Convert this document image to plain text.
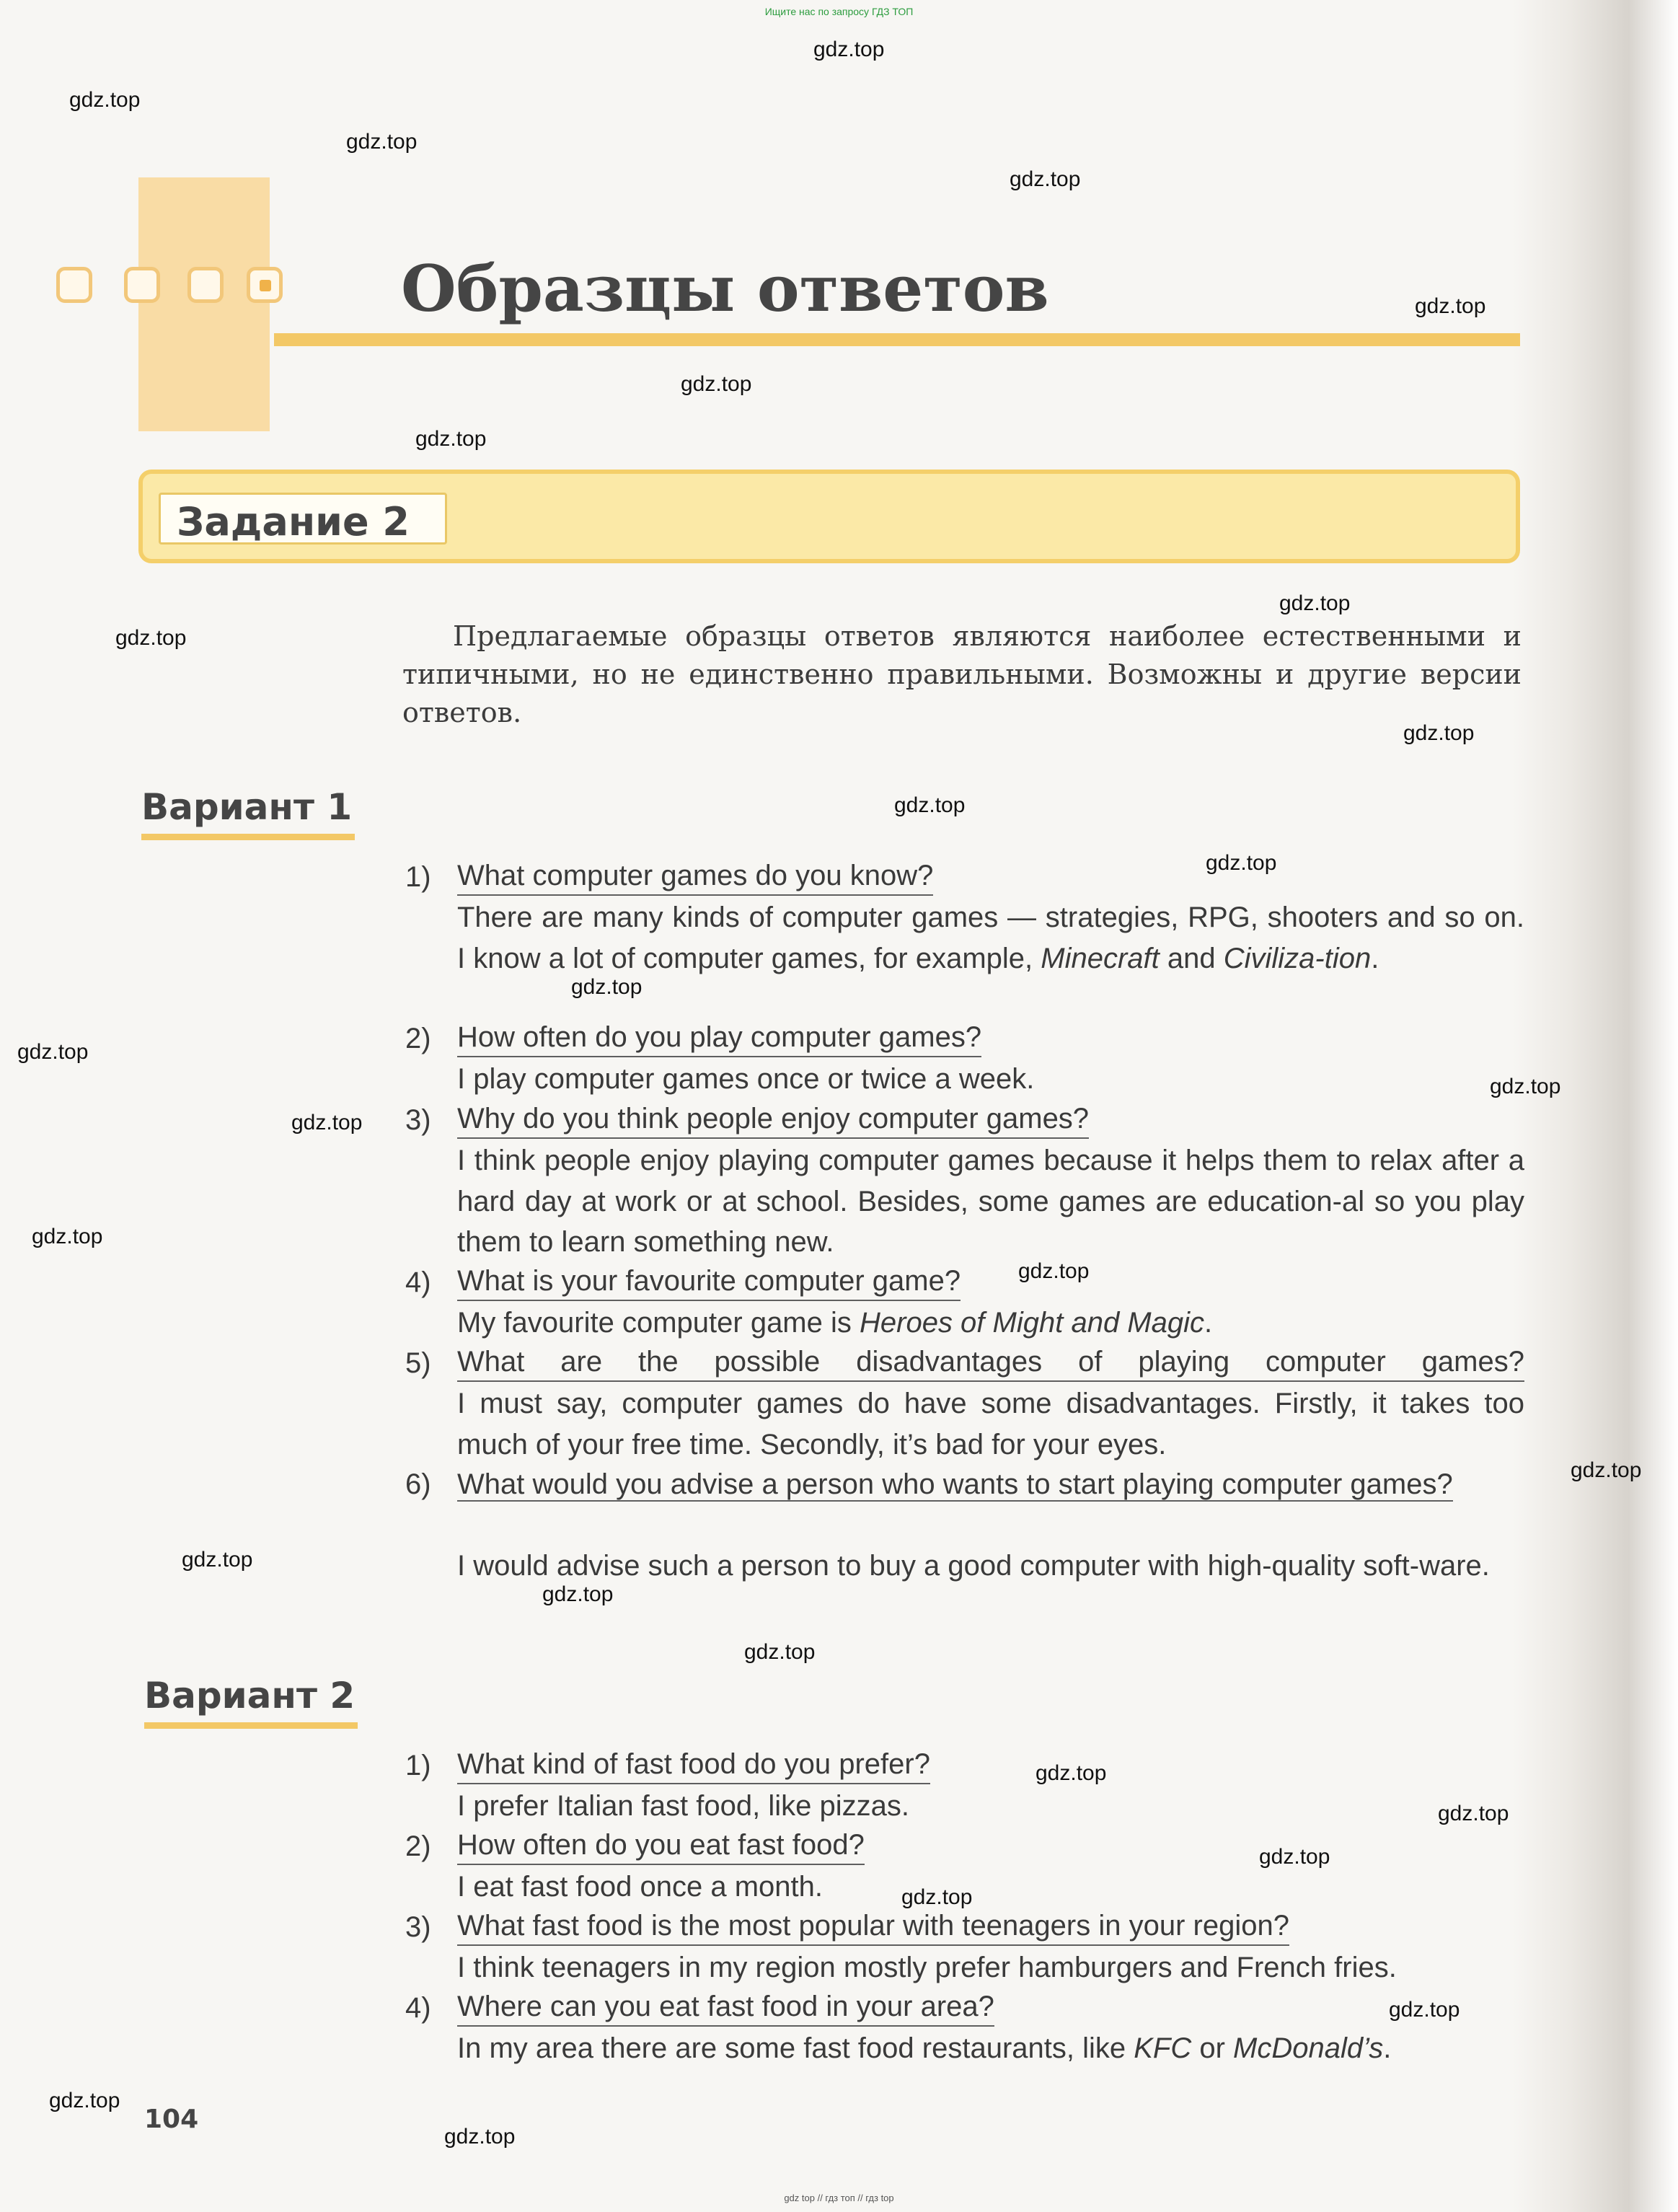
Ищите нас по запросу ГДЗ ТОП
Образцы ответов
Задание 2
Предлагаемые образцы ответов являются наиболее естественными и типичными, но не единственно правильными. Возможны и другие версии ответов.
Вариант 1
1) What computer games do you know?
There are many kinds of computer games — strategies, RPG, shooters and so on. I know a lot of computer games, for example, Minecraft and Civiliza-tion.
2) How often do you play computer games?
I play computer games once or twice a week.
3) Why do you think people enjoy computer games?
I think people enjoy playing computer games because it helps them to relax after a hard day at work or at school. Besides, some games are education-al so you play them to learn something new.
4) What is your favourite computer game?
My favourite computer game is Heroes of Might and Magic.
5) What are the possible disadvantages of playing computer games?
I must say, computer games do have some disadvantages. Firstly, it takes too much of your free time. Secondly, it’s bad for your eyes.
6) What would you advise a person who wants to start playing computer games?
I would advise such a person to buy a good computer with high-quality soft-ware.
Вариант 2
1) What kind of fast food do you prefer?
I prefer Italian fast food, like pizzas.
2) How often do you eat fast food?
I eat fast food once a month.
3) What fast food is the most popular with teenagers in your region?
I think teenagers in my region mostly prefer hamburgers and French fries.
4) Where can you eat fast food in your area?
In my area there are some fast food restaurants, like KFC or McDonald’s.
104
gdz top // гдз топ // гдз top
gdz.top
gdz.top
gdz.top
gdz.top
gdz.top
gdz.top
gdz.top
gdz.top
gdz.top
gdz.top
gdz.top
gdz.top
gdz.top
gdz.top
gdz.top
gdz.top
gdz.top
gdz.top
gdz.top
gdz.top
gdz.top
gdz.top
gdz.top
gdz.top
gdz.top
gdz.top
gdz.top
gdz.top
gdz.top
